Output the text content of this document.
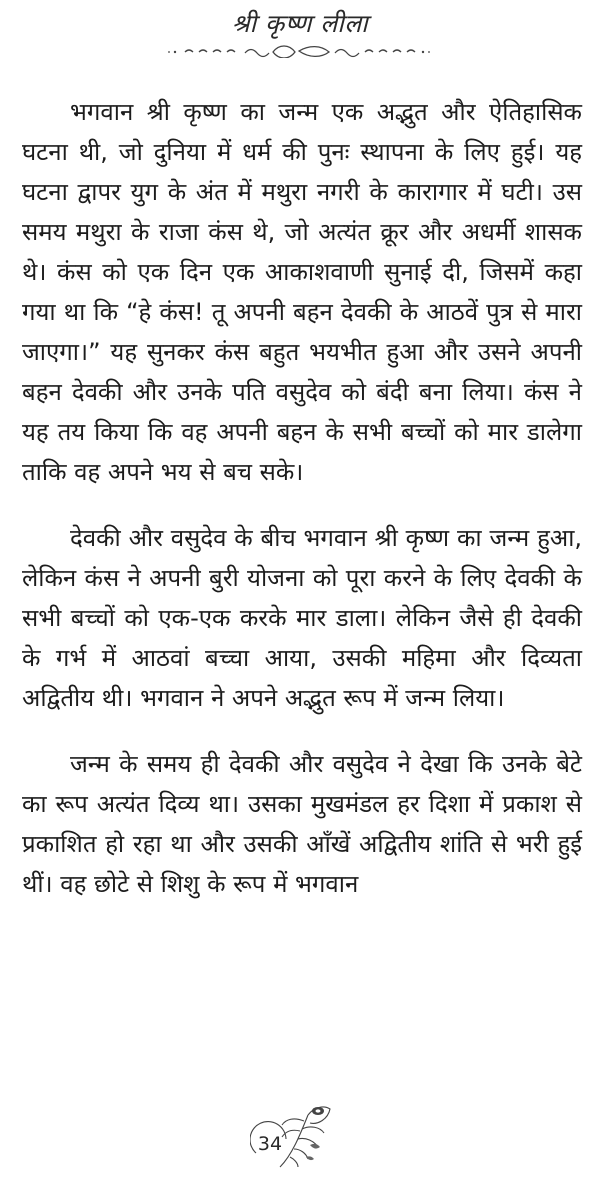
श्री कृष्ण लीला

भगवान श्री कृष्ण का जन्म एक अद्भुत और ऐतिहासिक घटना थी, जो दुनिया में धर्म की पुनः स्थापना के लिए हुई। यह घटना द्वापर युग के अंत में मथुरा नगरी के कारागार में घटी। उस समय मथुरा के राजा कंस थे, जो अत्यंत क्रूर और अधर्मी शासक थे। कंस को एक दिन एक आकाशवाणी सुनाई दी, जिसमें कहा गया था कि “हे कंस! तू अपनी बहन देवकी के आठवें पुत्र से मारा जाएगा।” यह सुनकर कंस बहुत भयभीत हुआ और उसने अपनी बहन देवकी और उनके पति वसुदेव को बंदी बना लिया। कंस ने यह तय किया कि वह अपनी बहन के सभी बच्चों को मार डालेगा ताकि वह अपने भय से बच सके।

देवकी और वसुदेव के बीच भगवान श्री कृष्ण का जन्म हुआ, लेकिन कंस ने अपनी बुरी योजना को पूरा करने के लिए देवकी के सभी बच्चों को एक-एक करके मार डाला। लेकिन जैसे ही देवकी के गर्भ में आठवां बच्चा आया, उसकी महिमा और दिव्यता अद्वितीय थी। भगवान ने अपने अद्भुत रूप में जन्म लिया।

जन्म के समय ही देवकी और वसुदेव ने देखा कि उनके बेटे का रूप अत्यंत दिव्य था। उसका मुखमंडल हर दिशा में प्रकाश से प्रकाशित हो रहा था और उसकी आँखें अद्वितीय शांति से भरी हुई थीं। वह छोटे से शिशु के रूप में भगवान

34
